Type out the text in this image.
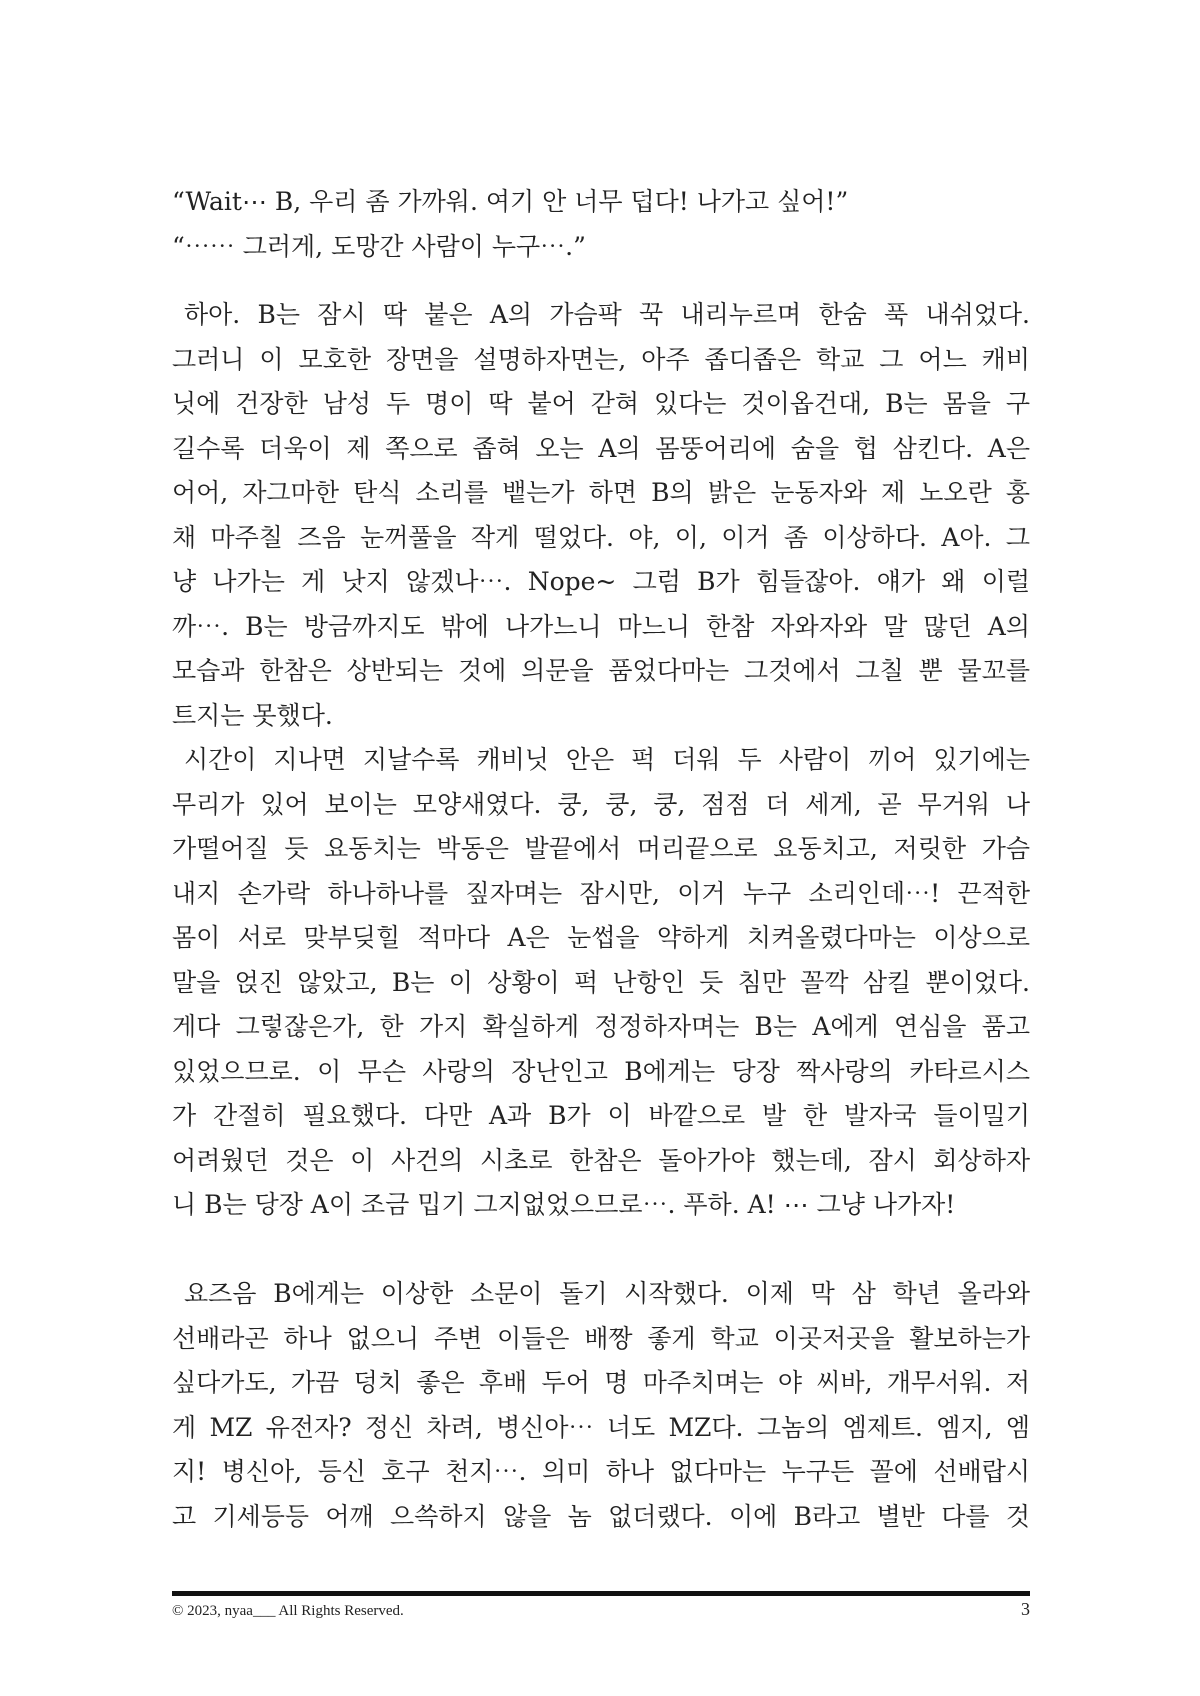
“Wait⋯ B, 우리 좀 가까워. 여기 안 너무 덥다! 나가고 싶어!”
“⋯⋯ 그러게, 도망간 사람이 누구⋯.”
하아. B는 잠시 딱 붙은 A의 가슴팍 꾹 내리누르며 한숨 푹 내쉬었다.
그러니 이 모호한 장면을 설명하자면는, 아주 좁디좁은 학교 그 어느 캐비
닛에 건장한 남성 두 명이 딱 붙어 갇혀 있다는 것이옵건대, B는 몸을 구
길수록 더욱이 제 쪽으로 좁혀 오는 A의 몸뚱어리에 숨을 헙 삼킨다. A은
어어, 자그마한 탄식 소리를 뱉는가 하면 B의 밝은 눈동자와 제 노오란 홍
채 마주칠 즈음 눈꺼풀을 작게 떨었다. 야, 이, 이거 좀 이상하다. A아. 그
냥 나가는 게 낫지 않겠나⋯. Nope~ 그럼 B가 힘들잖아. 얘가 왜 이럴
까⋯. B는 방금까지도 밖에 나가느니 마느니 한참 자와자와 말 많던 A의
모습과 한참은 상반되는 것에 의문을 품었다마는 그것에서 그칠 뿐 물꼬를
트지는 못했다.
시간이 지나면 지날수록 캐비닛 안은 퍽 더워 두 사람이 끼어 있기에는
무리가 있어 보이는 모양새였다. 쿵, 쿵, 쿵, 점점 더 세게, 곧 무거워 나
가떨어질 듯 요동치는 박동은 발끝에서 머리끝으로 요동치고, 저릿한 가슴
내지 손가락 하나하나를 짚자며는 잠시만, 이거 누구 소리인데⋯! 끈적한
몸이 서로 맞부딪힐 적마다 A은 눈썹을 약하게 치켜올렸다마는 이상으로
말을 얹진 않았고, B는 이 상황이 퍽 난항인 듯 침만 꼴깍 삼킬 뿐이었다.
게다 그렇잖은가, 한 가지 확실하게 정정하자며는 B는 A에게 연심을 품고
있었으므로. 이 무슨 사랑의 장난인고 B에게는 당장 짝사랑의 카타르시스
가 간절히 필요했다. 다만 A과 B가 이 바깥으로 발 한 발자국 들이밀기
어려웠던 것은 이 사건의 시초로 한참은 돌아가야 했는데, 잠시 회상하자
니 B는 당장 A이 조금 밉기 그지없었으므로⋯. 푸하. A! ⋯ 그냥 나가자!
요즈음 B에게는 이상한 소문이 돌기 시작했다. 이제 막 삼 학년 올라와
선배라곤 하나 없으니 주변 이들은 배짱 좋게 학교 이곳저곳을 활보하는가
싶다가도, 가끔 덩치 좋은 후배 두어 명 마주치며는 야 씨바, 개무서워. 저
게 MZ 유전자? 정신 차려, 병신아⋯ 너도 MZ다. 그놈의 엠제트. 엠지, 엠
지! 병신아, 등신 호구 천지⋯. 의미 하나 없다마는 누구든 꼴에 선배랍시
고 기세등등 어깨 으쓱하지 않을 놈 없더랬다. 이에 B라고 별반 다를 것
© 2023, nyaa___ All Rights Reserved.	3
